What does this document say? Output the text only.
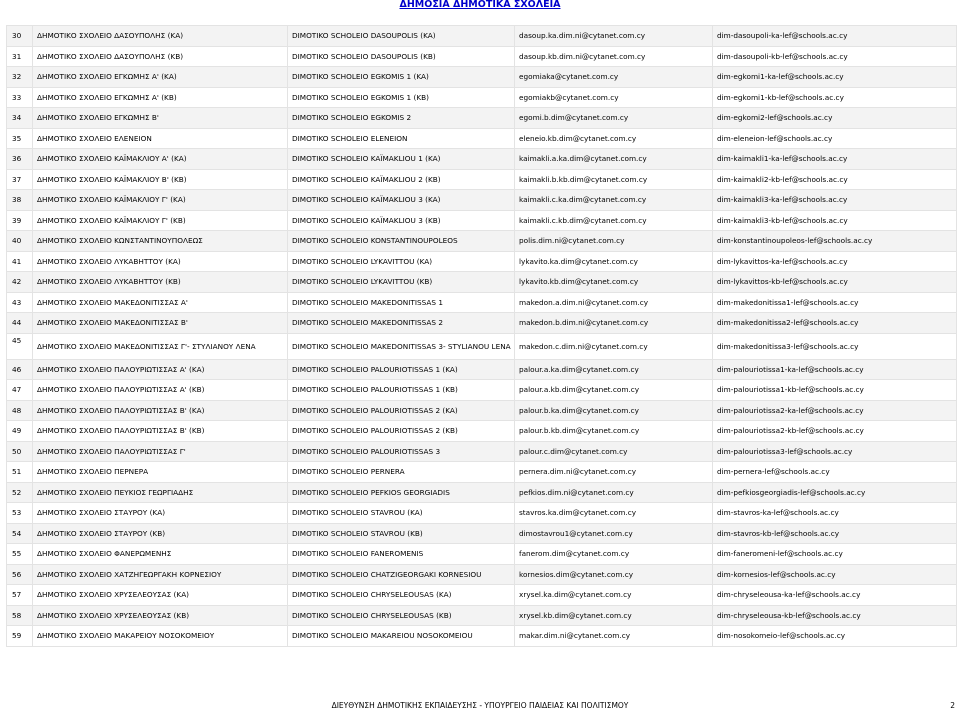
ΔΗΜΟΣΙΑ ΔΗΜΟΤΙΚΑ ΣΧΟΛΕΙΑ
30	ΔΗΜΟΤΙΚΟ ΣΧΟΛΕΙΟ ΔΑΣΟΥΠΟΛΗΣ (ΚΑ)	DIMOTIKO SCHOLEIO DASOUPOLIS (KA)	dasoup.ka.dim.ni@cytanet.com.cy	dim-dasoupoli-ka-lef@schools.ac.cy
31	ΔΗΜΟΤΙΚΟ ΣΧΟΛΕΙΟ ΔΑΣΟΥΠΟΛΗΣ (ΚΒ)	DIMOTIKO SCHOLEIO DASOUPOLIS (KB)	dasoup.kb.dim.ni@cytanet.com.cy	dim-dasoupoli-kb-lef@schools.ac.cy
32	ΔΗΜΟΤΙΚΟ ΣΧΟΛΕΙΟ ΕΓΚΩΜΗΣ Α' (ΚΑ)	DIMOTIKO SCHOLEIO EGKOMIS 1 (KA)	egomiaka@cytanet.com.cy	dim-egkomi1-ka-lef@schools.ac.cy
33	ΔΗΜΟΤΙΚΟ ΣΧΟΛΕΙΟ ΕΓΚΩΜΗΣ Α' (ΚΒ)	DIMOTIKO SCHOLEIO EGKOMIS 1 (KB)	egomiakb@cytanet.com.cy	dim-egkomi1-kb-lef@schools.ac.cy
34	ΔΗΜΟΤΙΚΟ ΣΧΟΛΕΙΟ ΕΓΚΩΜΗΣ Β'	DIMOTIKO SCHOLEIO EGKOMIS 2	egomi.b.dim@cytanet.com.cy	dim-egkomi2-lef@schools.ac.cy
35	ΔΗΜΟΤΙΚΟ ΣΧΟΛΕΙΟ ΕΛΕΝΕΙΟΝ	DIMOTIKO SCHOLEIO ELENEION	eleneio.kb.dim@cytanet.com.cy	dim-eleneion-lef@schools.ac.cy
36	ΔΗΜΟΤΙΚΟ ΣΧΟΛΕΙΟ ΚΑΪΜΑΚΛΙΟΥ Α' (ΚΑ)	DIMOTIKO SCHOLEIO KAÏMAKLIOU 1 (KA)	kaimakli.a.ka.dim@cytanet.com.cy	dim-kaimakli1-ka-lef@schools.ac.cy
37	ΔΗΜΟΤΙΚΟ ΣΧΟΛΕΙΟ ΚΑΪΜΑΚΛΙΟΥ Β' (ΚΒ)	DIMOTIKO SCHOLEIO KAÏMAKLIOU 2 (KB)	kaimakli.b.kb.dim@cytanet.com.cy	dim-kaimakli2-kb-lef@schools.ac.cy
38	ΔΗΜΟΤΙΚΟ ΣΧΟΛΕΙΟ ΚΑΪΜΑΚΛΙΟΥ Γ' (ΚΑ)	DIMOTIKO SCHOLEIO KAÏMAKLIOU 3 (KA)	kaimakli.c.ka.dim@cytanet.com.cy	dim-kaimakli3-ka-lef@schools.ac.cy
39	ΔΗΜΟΤΙΚΟ ΣΧΟΛΕΙΟ ΚΑΪΜΑΚΛΙΟΥ Γ' (ΚΒ)	DIMOTIKO SCHOLEIO KAÏMAKLIOU 3 (KB)	kaimakli.c.kb.dim@cytanet.com.cy	dim-kaimakli3-kb-lef@schools.ac.cy
40	ΔΗΜΟΤΙΚΟ ΣΧΟΛΕΙΟ ΚΩΝΣΤΑΝΤΙΝΟΥΠΟΛΕΩΣ	DIMOTIKO SCHOLEIO KONSTANTINOUPOLEOS	polis.dim.ni@cytanet.com.cy	dim-konstantinoupoleos-lef@schools.ac.cy
41	ΔΗΜΟΤΙΚΟ ΣΧΟΛΕΙΟ ΛΥΚΑΒΗΤΤΟΥ (ΚΑ)	DIMOTIKO SCHOLEIO LYKAVITTOU (KA)	lykavito.ka.dim@cytanet.com.cy	dim-lykavittos-ka-lef@schools.ac.cy
42	ΔΗΜΟΤΙΚΟ ΣΧΟΛΕΙΟ ΛΥΚΑΒΗΤΤΟΥ (ΚΒ)	DIMOTIKO SCHOLEIO LYKAVITTOU (KB)	lykavito.kb.dim@cytanet.com.cy	dim-lykavittos-kb-lef@schools.ac.cy
43	ΔΗΜΟΤΙΚΟ ΣΧΟΛΕΙΟ ΜΑΚΕΔΟΝΙΤΙΣΣΑΣ Α'	DIMOTIKO SCHOLEIO MAKEDONITISSAS 1	makedon.a.dim.ni@cytanet.com.cy	dim-makedonitissa1-lef@schools.ac.cy
44	ΔΗΜΟΤΙΚΟ ΣΧΟΛΕΙΟ ΜΑΚΕΔΟΝΙΤΙΣΣΑΣ Β'	DIMOTIKO SCHOLEIO MAKEDONITISSAS 2	makedon.b.dim.ni@cytanet.com.cy	dim-makedonitissa2-lef@schools.ac.cy
45	ΔΗΜΟΤΙΚΟ ΣΧΟΛΕΙΟ ΜΑΚΕΔΟΝΙΤΙΣΣΑΣ Γ'- ΣΤΥΛΙΑΝΟΥ ΛΕΝΑ	DIMOTIKO SCHOLEIO MAKEDONITISSAS 3- STYLIANOU LENA	makedon.c.dim.ni@cytanet.com.cy	dim-makedonitissa3-lef@schools.ac.cy
46	ΔΗΜΟΤΙΚΟ ΣΧΟΛΕΙΟ ΠΑΛΟΥΡΙΩΤΙΣΣΑΣ Α' (ΚΑ)	DIMOTIKO SCHOLEIO PALOURIOTISSAS 1 (KA)	palour.a.ka.dim@cytanet.com.cy	dim-palouriotissa1-ka-lef@schools.ac.cy
47	ΔΗΜΟΤΙΚΟ ΣΧΟΛΕΙΟ ΠΑΛΟΥΡΙΩΤΙΣΣΑΣ Α' (ΚΒ)	DIMOTIKO SCHOLEIO PALOURIOTISSAS 1 (KB)	palour.a.kb.dim@cytanet.com.cy	dim-palouriotissa1-kb-lef@schools.ac.cy
48	ΔΗΜΟΤΙΚΟ ΣΧΟΛΕΙΟ ΠΑΛΟΥΡΙΩΤΙΣΣΑΣ Β' (ΚΑ)	DIMOTIKO SCHOLEIO PALOURIOTISSAS 2 (KA)	palour.b.ka.dim@cytanet.com.cy	dim-palouriotissa2-ka-lef@schools.ac.cy
49	ΔΗΜΟΤΙΚΟ ΣΧΟΛΕΙΟ ΠΑΛΟΥΡΙΩΤΙΣΣΑΣ Β' (ΚΒ)	DIMOTIKO SCHOLEIO PALOURIOTISSAS 2 (KB)	palour.b.kb.dim@cytanet.com.cy	dim-palouriotissa2-kb-lef@schools.ac.cy
50	ΔΗΜΟΤΙΚΟ ΣΧΟΛΕΙΟ ΠΑΛΟΥΡΙΩΤΙΣΣΑΣ Γ'	DIMOTIKO SCHOLEIO PALOURIOTISSAS 3	palour.c.dim@cytanet.com.cy	dim-palouriotissa3-lef@schools.ac.cy
51	ΔΗΜΟΤΙΚΟ ΣΧΟΛΕΙΟ ΠΕΡΝΕΡΑ	DIMOTIKO SCHOLEIO PERNERA	pernera.dim.ni@cytanet.com.cy	dim-pernera-lef@schools.ac.cy
52	ΔΗΜΟΤΙΚΟ ΣΧΟΛΕΙΟ ΠΕΥΚΙΟΣ ΓΕΩΡΓΙΑΔΗΣ	DIMOTIKO SCHOLEIO PEFKIOS GEORGIADIS	pefkios.dim.ni@cytanet.com.cy	dim-pefkiosgeorgiadis-lef@schools.ac.cy
53	ΔΗΜΟΤΙΚΟ ΣΧΟΛΕΙΟ ΣΤΑΥΡΟΥ (ΚΑ)	DIMOTIKO SCHOLEIO STAVROU (KA)	stavros.ka.dim@cytanet.com.cy	dim-stavros-ka-lef@schools.ac.cy
54	ΔΗΜΟΤΙΚΟ ΣΧΟΛΕΙΟ ΣΤΑΥΡΟΥ (ΚΒ)	DIMOTIKO SCHOLEIO STAVROU (KB)	dimostavrou1@cytanet.com.cy	dim-stavros-kb-lef@schools.ac.cy
55	ΔΗΜΟΤΙΚΟ ΣΧΟΛΕΙΟ ΦΑΝΕΡΩΜΕΝΗΣ	DIMOTIKO SCHOLEIO FANEROMENIS	fanerom.dim@cytanet.com.cy	dim-faneromeni-lef@schools.ac.cy
56	ΔΗΜΟΤΙΚΟ ΣΧΟΛΕΙΟ ΧΑΤΖΗΓΕΩΡΓΑΚΗ ΚΟΡΝΕΣΙΟΥ	DIMOTIKO SCHOLEIO CHATZIGEORGAKI KORNESIOU	kornesios.dim@cytanet.com.cy	dim-kornesios-lef@schools.ac.cy
57	ΔΗΜΟΤΙΚΟ ΣΧΟΛΕΙΟ ΧΡΥΣΕΛΕΟΥΣΑΣ (ΚΑ)	DIMOTIKO SCHOLEIO CHRYSELEOUSAS (KA)	xrysel.ka.dim@cytanet.com.cy	dim-chryseleousa-ka-lef@schools.ac.cy
58	ΔΗΜΟΤΙΚΟ ΣΧΟΛΕΙΟ ΧΡΥΣΕΛΕΟΥΣΑΣ (ΚΒ)	DIMOTIKO SCHOLEIO CHRYSELEOUSAS (KB)	xrysel.kb.dim@cytanet.com.cy	dim-chryseleousa-kb-lef@schools.ac.cy
59	ΔΗΜΟΤΙΚΟ ΣΧΟΛΕΙΟ ΜΑΚΑΡΕΙΟΥ ΝΟΣΟΚΟΜΕΙΟΥ	DIMOTIKO SCHOLEIO MAKAREIOU NOSOKOMEIOU	makar.dim.ni@cytanet.com.cy	dim-nosokomeio-lef@schools.ac.cy
ΔΙΕΥΘΥΝΣΗ ΔΗΜΟΤΙΚΗΣ ΕΚΠΑΙΔΕΥΣΗΣ - ΥΠΟΥΡΓΕΙΟ ΠΑΙΔΕΙΑΣ ΚΑΙ ΠΟΛΙΤΙΣΜΟΥ	2
